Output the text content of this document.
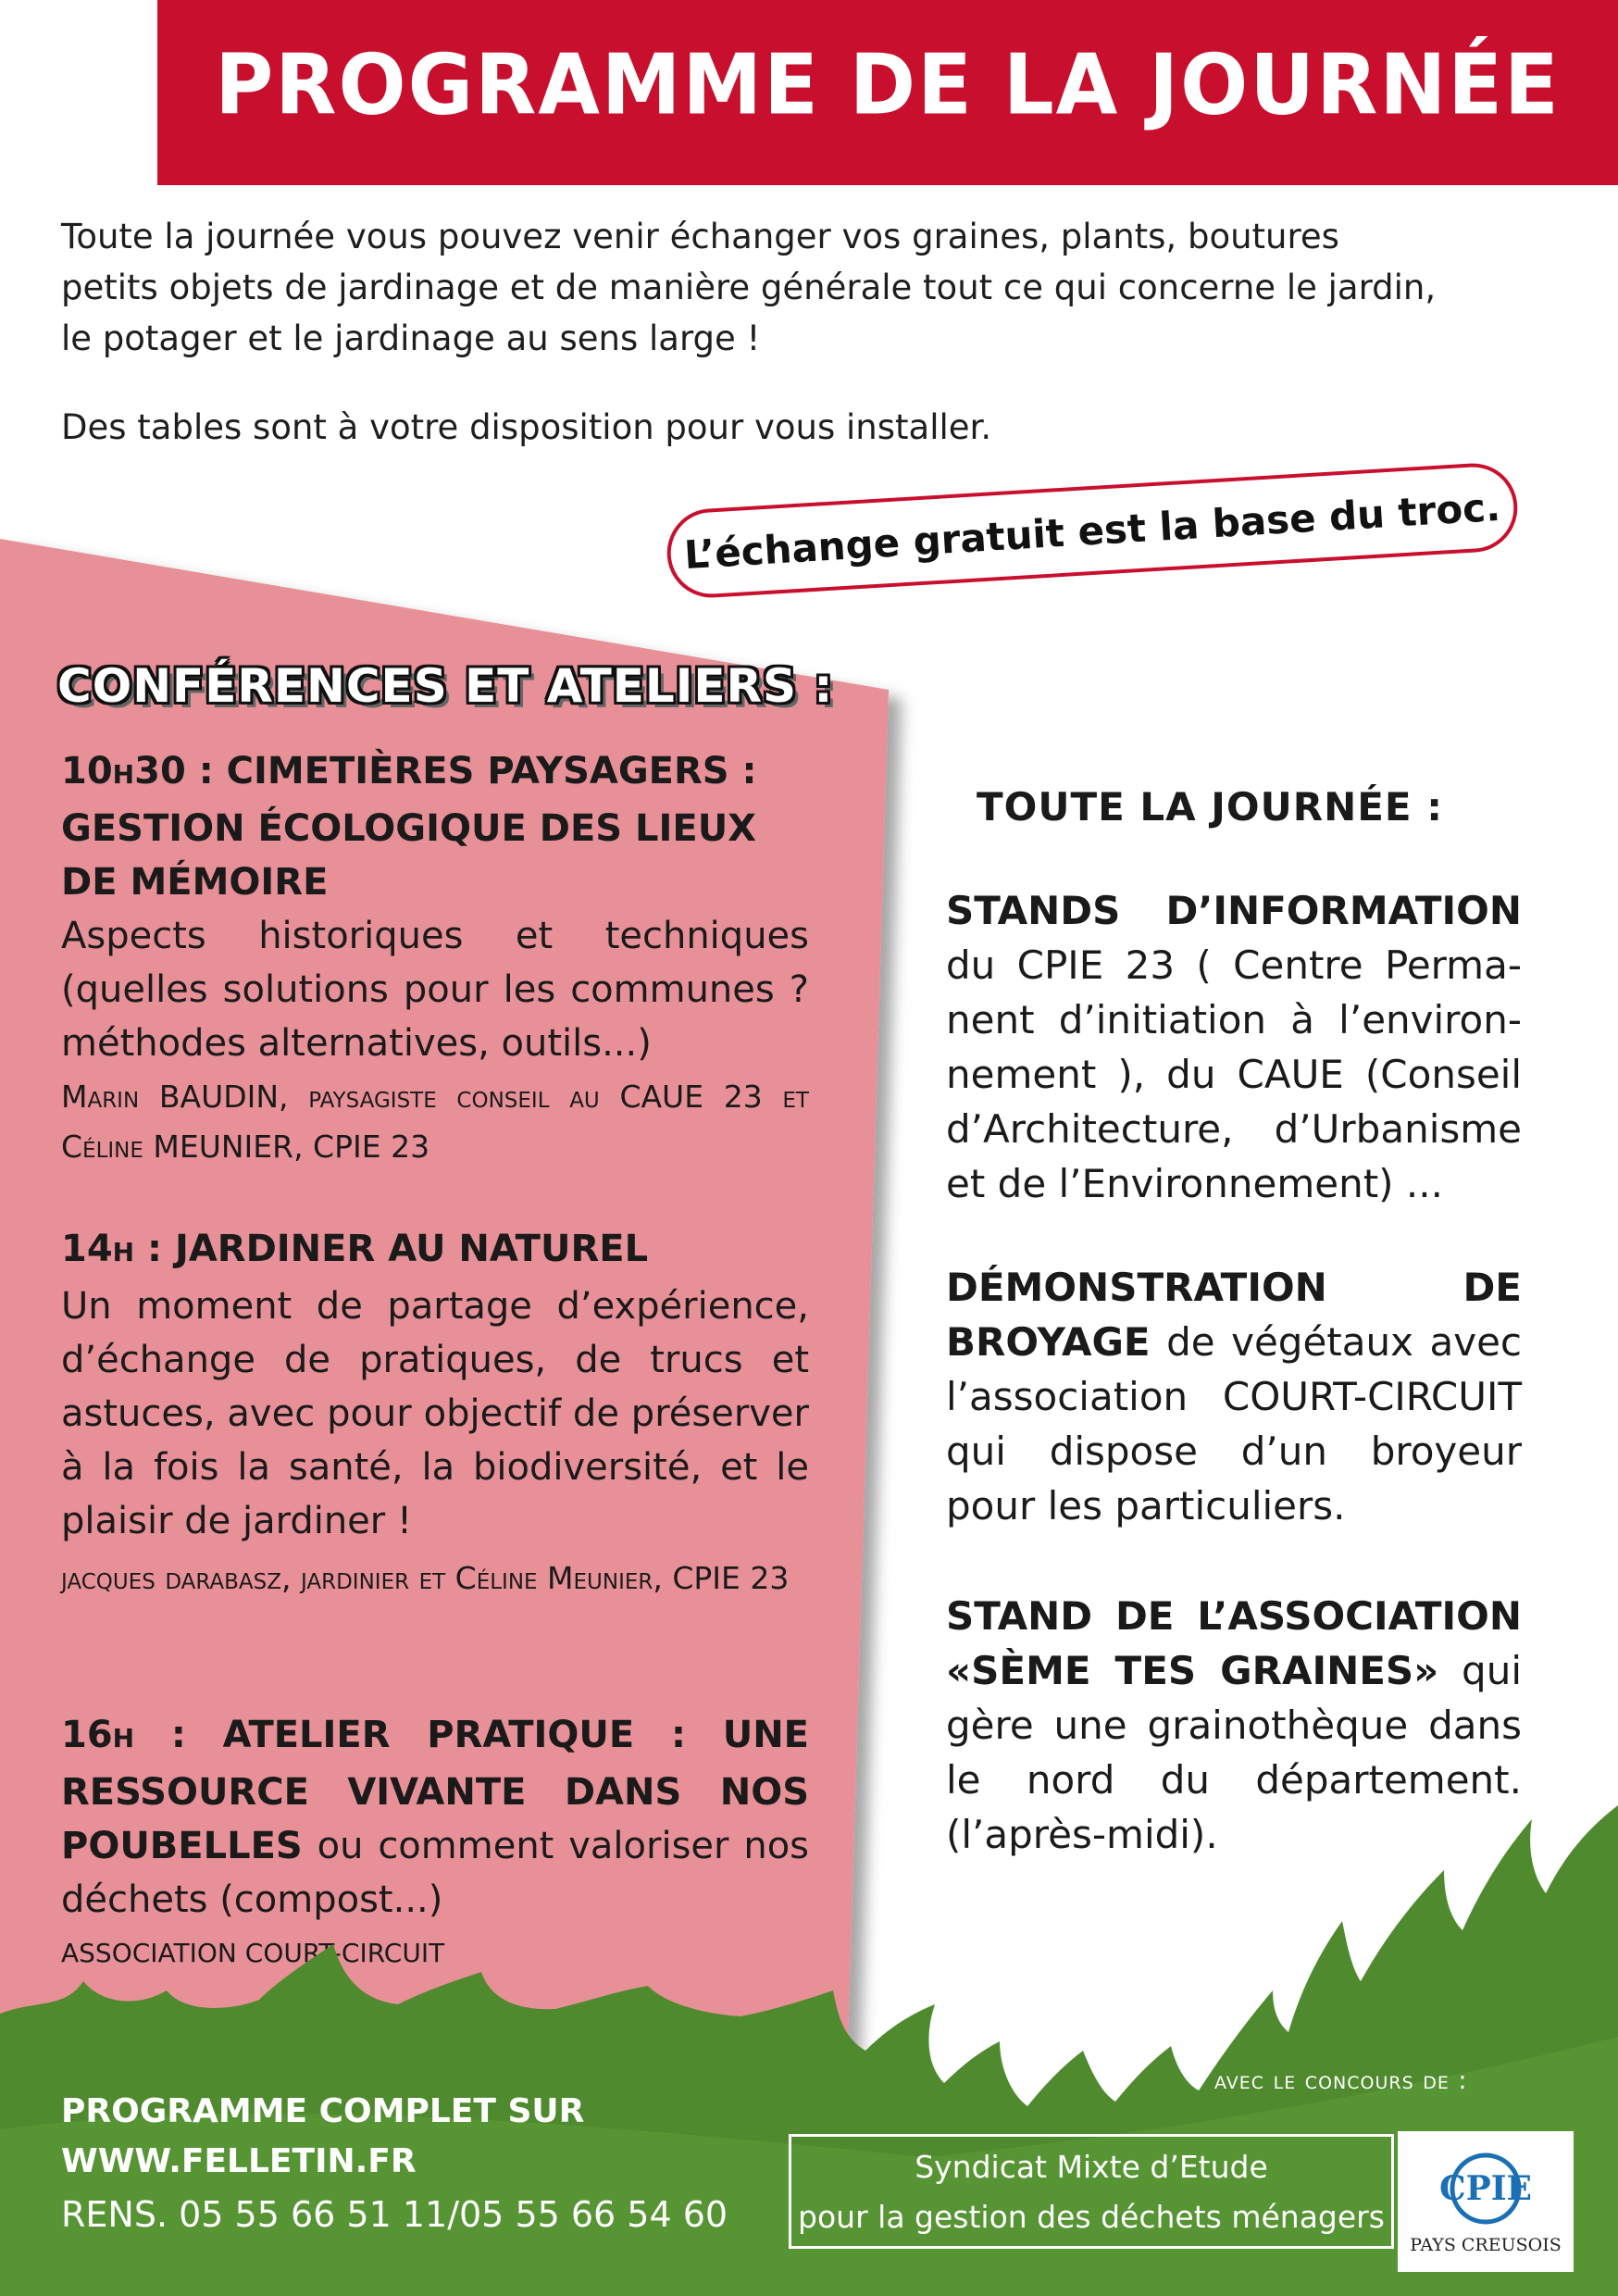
PROGRAMME DE LA JOURNÉE
Toute la journée vous pouvez venir échanger vos graines, plants, boutures
petits objets de jardinage et de manière générale tout ce qui concerne le jardin,
le potager et le jardinage au sens large !
Des tables sont à votre disposition pour vous installer.
L’échange gratuit est la base du troc.
CONFÉRENCES ET ATELIERS :
10H30 : CIMETIÈRES PAYSAGERS :
GESTION ÉCOLOGIQUE DES LIEUX
DE MÉMOIRE
Aspects historiques et techniques (quelles solutions pour les communes ? méthodes alternatives, outils...)
Marin BAUDIN, paysagiste conseil au CAUE 23 et Céline MEUNIER, CPIE 23
14H : JARDINER AU NATUREL
Un moment de partage d’expérience, d’échange de pratiques, de trucs et astuces, avec pour objectif de préserver à la fois la santé, la biodiversité, et le plaisir de jardiner !
jacques darabasz, jardinier et Céline Meunier, CPIE 23
16H : ATELIER PRATIQUE : UNE RESSOURCE VIVANTE DANS NOS POUBELLES ou comment valoriser nos déchets (compost...)
ASSOCIATION COURT-CIRCUIT
TOUTE LA JOURNÉE :
STANDS D’INFORMATION du CPIE 23 ( Centre Perma-nent d’initiation à l’environ-nement ), du CAUE (Conseil d’Architecture, d’Urbanisme et de l’Environnement) ...
DÉMONSTRATION DE BROYAGE de végétaux avec l’association COURT-CIRCUIT qui dispose d’un broyeur pour les particuliers.
STAND DE L’ASSOCIATION «SÈME TES GRAINES» qui gère une grainothèque dans le nord du département. (l’après-midi).
PROGRAMME COMPLET SUR
WWW.FELLETIN.FR
RENS. 05 55 66 51 11/05 55 66 54 60
avec le concours de :
Syndicat Mixte d’Etude
pour la gestion des déchets ménagers
CPIE
PAYS CREUSOIS
